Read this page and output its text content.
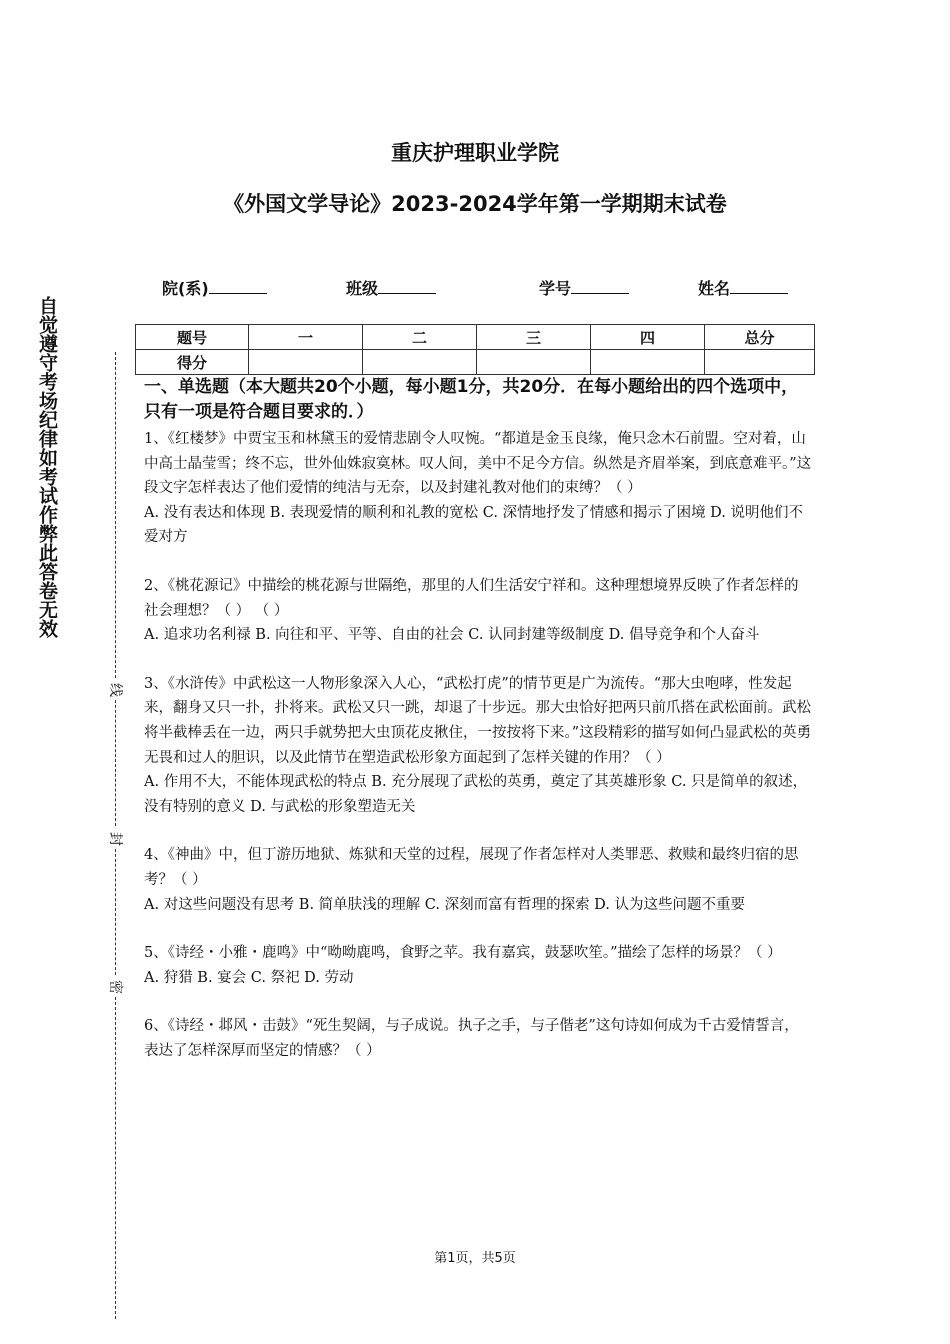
重庆护理职业学院
《外国文学导论》2023-2024学年第一学期期末试卷
院(系)	班级	学号	姓名
题号	一	二	三	四	总分
得分					
自觉遵守考场纪律如考试作弊此答卷无效
线
封
密

一、单选题（本大题共20个小题，每小题1分，共20分．在每小题给出的四个选项中，只有一项是符合题目要求的．）

1、《红楼梦》中贾宝玉和林黛玉的爱情悲剧令人叹惋。“都道是金玉良缘，俺只念木石前盟。空对着，山中高士晶莹雪；终不忘，世外仙姝寂寞林。叹人间，美中不足今方信。纵然是齐眉举案，到底意难平。”这段文字怎样表达了他们爱情的纯洁与无奈，以及封建礼教对他们的束缚？（ ）

A. 没有表达和体现 B. 表现爱情的顺利和礼教的宽松 C. 深情地抒发了情感和揭示了困境 D. 说明他们不爱对方

2、《桃花源记》中描绘的桃花源与世隔绝，那里的人们生活安宁祥和。这种理想境界反映了作者怎样的社会理想？（ ） （ ）

A. 追求功名利禄 B. 向往和平、平等、自由的社会 C. 认同封建等级制度 D. 倡导竞争和个人奋斗

3、《水浒传》中武松这一人物形象深入人心，“武松打虎”的情节更是广为流传。“那大虫咆哮，性发起来，翻身又只一扑，扑将来。武松又只一跳，却退了十步远。那大虫恰好把两只前爪搭在武松面前。武松将半截棒丢在一边，两只手就势把大虫顶花皮揪住，一按按将下来。”这段精彩的描写如何凸显武松的英勇无畏和过人的胆识，以及此情节在塑造武松形象方面起到了怎样关键的作用？（ ）

A. 作用不大，不能体现武松的特点 B. 充分展现了武松的英勇，奠定了其英雄形象 C. 只是简单的叙述，没有特别的意义 D. 与武松的形象塑造无关

4、《神曲》中，但丁游历地狱、炼狱和天堂的过程，展现了作者怎样对人类罪恶、救赎和最终归宿的思考？（ ）

A. 对这些问题没有思考 B. 简单肤浅的理解 C. 深刻而富有哲理的探索 D. 认为这些问题不重要

5、《诗经・小雅・鹿鸣》中“呦呦鹿鸣，食野之苹。我有嘉宾，鼓瑟吹笙。”描绘了怎样的场景？（ ）

A. 狩猎 B. 宴会 C. 祭祀 D. 劳动

6、《诗经・邶风・击鼓》“死生契阔，与子成说。执子之手，与子偕老”这句诗如何成为千古爱情誓言，表达了怎样深厚而坚定的情感？（ ）

第1页，共5页
